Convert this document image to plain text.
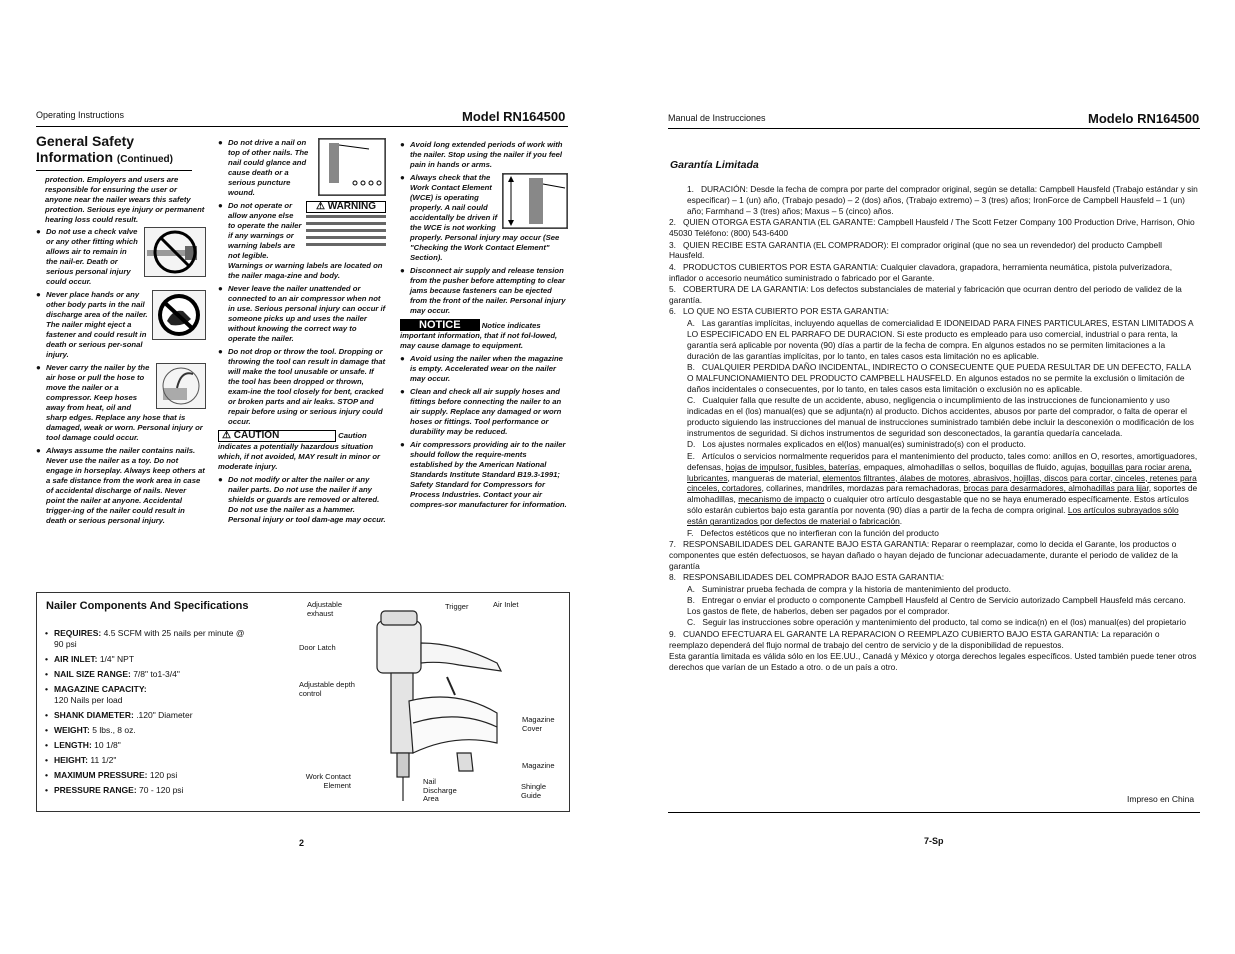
Operating Instructions	Model RN164500
General Safety
Information (Continued)

protection. Employers and users are responsible for ensuring the user or anyone near the nailer wears this safety protection. Serious eye injury or permanent hearing loss could result.

● Do not use a check valve or any other fitting which allows air to remain in the nail-er. Death or serious personal injury could occur.
● Never place hands or any other body parts in the nail discharge area of the nailer. The nailer might eject a fastener and could result in death or serious per-sonal injury.
● Never carry the nailer by the air hose or pull the hose to move the nailer or a compressor. Keep hoses away from heat, oil and sharp edges. Replace any hose that is damaged, weak or worn. Personal injury or tool damage could occur.
● Always assume the nailer contains nails. Never use the nailer as a toy. Do not engage in horseplay. Always keep others at a safe distance from the work area in case of accidental discharge of nails. Never point the nailer at anyone. Accidental trigger-ing of the nailer could result in death or serious personal injury.
● Do not drive a nail on top of other nails. The nail could glance and cause death or a serious puncture wound.
● ⚠ WARNING
Do not operate or allow anyone else to operate the nailer if any warnings or warning labels are not legible. Warnings or warning labels are located on the nailer maga-zine and body.
● Never leave the nailer unattended or connected to an air compressor when not in use. Serious personal injury can occur if someone picks up and uses the nailer without knowing the correct way to operate the nailer.
● Do not drop or throw the tool. Dropping or throwing the tool can result in damage that will make the tool unusable or unsafe. If the tool has been dropped or thrown, exam-ine the tool closely for bent, cracked or broken parts and air leaks. STOP and repair before using or serious injury could occur.
⚠ CAUTION	Caution indicates a potentially hazardous situation which, if not avoided, MAY result in minor or moderate injury.
● Do not modify or alter the nailer or any nailer parts. Do not use the nailer if any shields or guards are removed or altered. Do not use the nailer as a hammer. Personal injury or tool dam-age may occur.
● Avoid long extended periods of work with the nailer. Stop using the nailer if you feel pain in hands or arms.
● Always check that the Work Contact Element (WCE) is operating properly. A nail could accidentally be driven if the WCE is not working properly. Personal injury may occur (See "Checking the Work Contact Element" Section).
● Disconnect air supply and release tension from the pusher before attempting to clear jams because fasteners can be ejected from the front of the nailer. Personal injury may occur.
NOTICE	Notice indicates important information, that if not fol-lowed, may cause damage to equipment.
● Avoid using the nailer when the magazine is empty. Accelerated wear on the nailer may occur.
● Clean and check all air supply hoses and fittings before connecting the nailer to an air supply. Replace any damaged or worn hoses or fittings. Tool performance or durability may be reduced.
● Air compressors providing air to the nailer should follow the require-ments established by the American National Standards Institute Standard B19.3-1991; Safety Standard for Compressors for Process Industries. Contact your air compres-sor manufacturer for information.
Nailer Components And Specifications
• REQUIRES: 4.5 SCFM with 25 nails per minute @ 90 psi
• AIR INLET: 1/4" NPT
• NAIL SIZE RANGE: 7/8" to1-3/4"
• MAGAZINE CAPACITY:
120 Nails per load
• SHANK DIAMETER: .120" Diameter
• WEIGHT: 5 lbs., 8 oz.
• LENGTH: 10 1/8"
• HEIGHT: 11 1/2"
• MAXIMUM PRESSURE: 120 psi
• PRESSURE RANGE: 70 - 120 psi
Adjustable exhaust
Trigger	Air Inlet
Door Latch
Adjustable depth control
Magazine Cover
Magazine
Work Contact Element	Nail Discharge Area
Shingle Guide
2
Manual de Instrucciones	Modelo RN164500
Garantía Limitada
1.   DURACIÓN: Desde la fecha de compra por parte del comprador original, según se detalla: Campbell Hausfeld (Trabajo estándar y sin especificar) – 1 (un) año, (Trabajo pesado) – 2 (dos) años, (Trabajo extremo) – 3 (tres) años; IronForce de Campbell Hausfeld – 1 (un) año; Farmhand – 3 (tres) años; Maxus – 5 (cinco) años.
2.   QUIEN OTORGA ESTA GARANTIA (EL GARANTE: Campbell Hausfeld / The Scott Fetzer Company 100 Production Drive, Harrison, Ohio 45030 Teléfono: (800) 543-6400
3.   QUIEN RECIBE ESTA GARANTIA (EL COMPRADOR): El comprador original (que no sea un revendedor) del producto Campbell Hausfeld.
4.   PRODUCTOS CUBIERTOS POR ESTA GARANTIA: Cualquier clavadora, grapadora, herramienta neumática, pistola pulverizadora, inflador o accesorio neumático suministrado o fabricado por el Garante.
5.   COBERTURA DE LA GARANTIA: Los defectos substanciales de material y fabricación que ocurran dentro del periodo de validez de la garantía.
6.   LO QUE NO ESTA CUBIERTO POR ESTA GARANTIA:
A.   Las garantías implícitas, incluyendo aquellas de comercialidad E IDONEIDAD PARA FINES PARTICULARES, ESTAN LIMITADOS A LO ESPECIFICADO EN EL PARRAFO DE DURACION. Si este producto es empleado para uso comercial, industrial o para renta, la garantía será aplicable por noventa (90) días a partir de la fecha de compra. En algunos estados no se permiten limitaciones a la duración de las garantías implícitas, por lo tanto, en tales casos esta limitación no es aplicable.
B.   CUALQUIER PERDIDA DAÑO INCIDENTAL, INDIRECTO O CONSECUENTE QUE PUEDA RESULTAR DE UN DEFECTO, FALLA O MALFUNCIONAMIENTO DEL PRODUCTO CAMPBELL HAUSFELD. En algunos estados no se permite la exclusión o limitación de daños incidentales o consecuentes, por lo tanto, en tales casos esta limitación o exclusión no es aplicable.
C.   Cualquier falla que resulte de un accidente, abuso, negligencia o incumplimiento de las instrucciones de funcionamiento y uso indicadas en el (los) manual(es) que se adjunta(n) al producto. Dichos accidentes, abusos por parte del comprador, o falta de operar el producto siguiendo las instrucciones del manual de instrucciones suministrado también debe incluir la desconexión o modificación de los instrumentos de seguridad. Si dichos instrumentos de seguridad son desconectados, la garantía quedaría cancelada.
D.   Los ajustes normales explicados en el(los) manual(es) suministrado(s) con el producto.
E.   Artículos o servicios normalmente requeridos para el mantenimiento del producto, tales como: anillos en O, resortes, amortiguadores, defensas, hojas de impulsor, fusibles, baterías, empaques, almohadillas o sellos, boquillas de fluido, agujas, boquillas para rociar arena, lubricantes, mangueras de material, elementos filtrantes, álabes de motores, abrasivos, hojillas, discos para cortar, cinceles, retenes para cinceles, cortadores, collarines, mandriles, mordazas para remachadoras, brocas para desarmadores, almohadillas para lijar, soportes de almohadillas, mecanismo de impacto o cualquier otro artículo desgastable que no se haya enumerado específicamente. Estos artículos sólo estarán cubiertos bajo esta garantía por noventa (90) días a partir de la fecha de compra original. Los artículos subrayados sólo están garantizados por defectos de material o fabricación.
F.   Defectos estéticos que no interfieran con la función del producto
7.   RESPONSABILIDADES DEL GARANTE BAJO ESTA GARANTIA: Reparar o reemplazar, como lo decida el Garante, los productos o componentes que estén defectuosos, se hayan dañado o hayan dejado de funcionar adecuadamente, durante el periodo de validez de la garantía
8.   RESPONSABILIDADES DEL COMPRADOR BAJO ESTA GARANTIA:
A.   Suministrar prueba fechada de compra y la historia de mantenimiento del producto.
B.   Entregar o enviar el producto o componente Campbell Hausfeld al Centro de Servicio autorizado Campbell Hausfeld más cercano. Los gastos de flete, de haberlos, deben ser pagados por el comprador.
C.   Seguir las instrucciones sobre operación y mantenimiento del producto, tal como se indica(n) en el (los) manual(es) del propietario
9.   CUANDO EFECTUARA EL GARANTE LA REPARACION O REEMPLAZO CUBIERTO BAJO ESTA GARANTIA: La reparación o reemplazo dependerá del flujo normal de trabajo del centro de servicio y de la disponibilidad de repuestos.
Esta garantía limitada es válida sólo en los EE.UU., Canadá y México y otorga derechos legales específicos. Usted también puede tener otros derechos que varían de un Estado a otro. o de un país a otro.
Impreso en China
7-Sp
